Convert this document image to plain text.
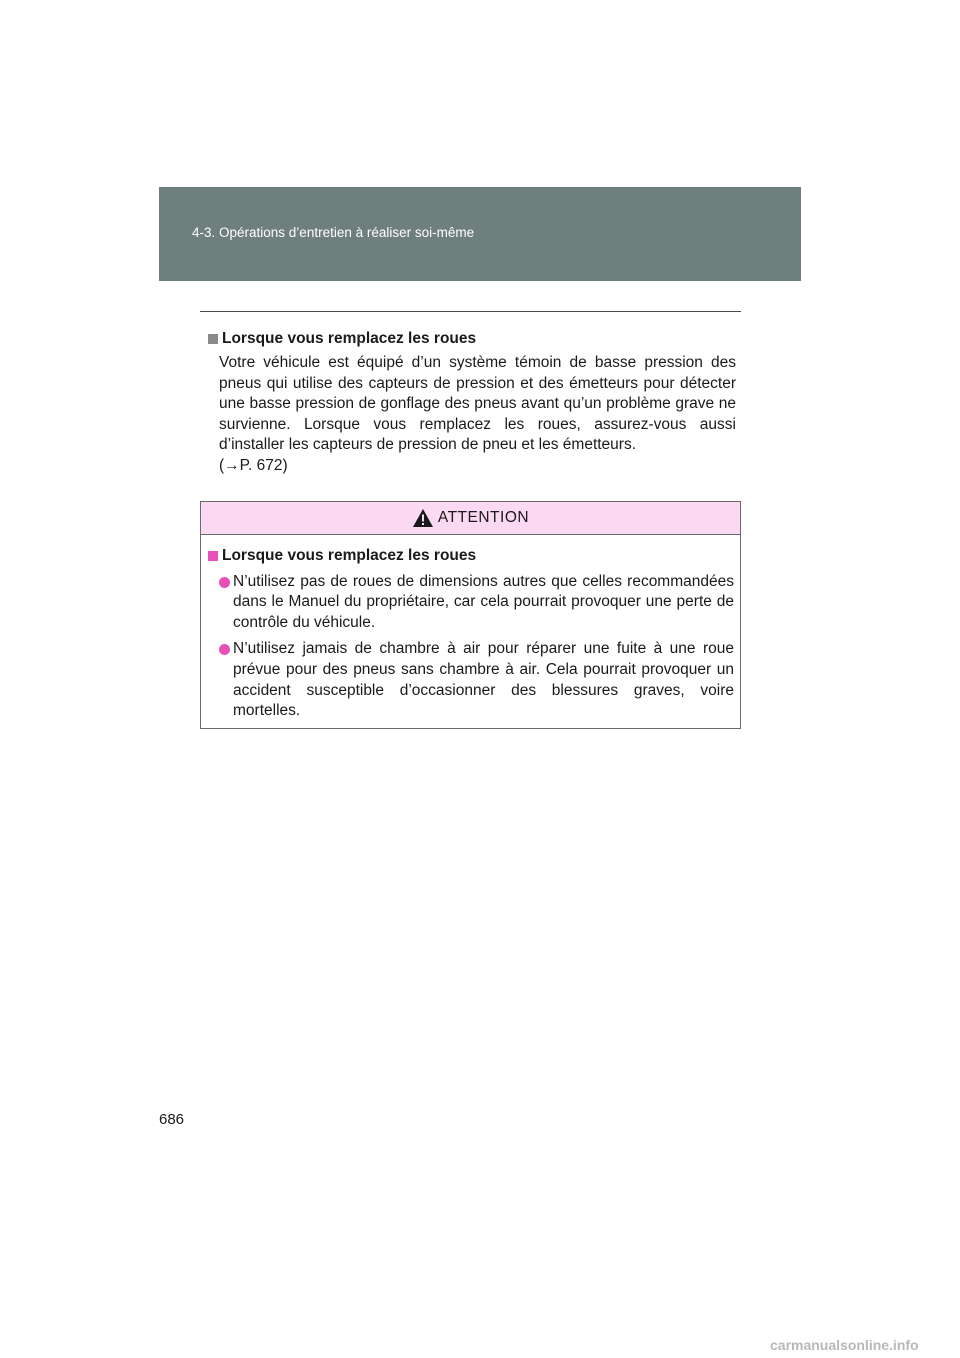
4-3. Opérations d’entretien à réaliser soi-même
Lorsque vous remplacez les roues
Votre véhicule est équipé d’un système témoin de basse pression des pneus qui utilise des capteurs de pression et des émetteurs pour détecter une basse pression de gonflage des pneus avant qu’un problème grave ne survienne. Lorsque vous remplacez les roues, assurez-vous aussi d’installer les capteurs de pression de pneu et les émetteurs.
(→P. 672)
ATTENTION
Lorsque vous remplacez les roues
N’utilisez pas de roues de dimensions autres que celles recommandées dans le Manuel du propriétaire, car cela pourrait provoquer une perte de contrôle du véhicule.
N’utilisez jamais de chambre à air pour réparer une fuite à une roue prévue pour des pneus sans chambre à air. Cela pourrait provoquer un accident susceptible d’occasionner des blessures graves, voire mortelles.
686
carmanualsonline.info
